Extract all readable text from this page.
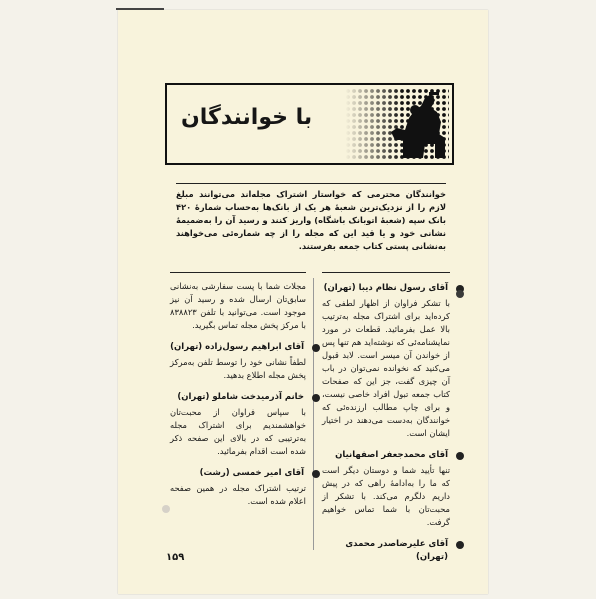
با خوانندگان

خوانندگان محترمی که خواستار اشتراک مجله‌اند می‌توانند مبلغ لازم را از نزدیک‌ترین شعبهٔ هر یک از بانک‌ها به‌حساب شمارهٔ ۴۲۰ بانک سپه (شعبهٔ اتوبانک باشگاه) واریز کنند و رسید آن را به‌ضمیمهٔ نشانی خود و یا قید این که مجله را از چه شماره‌ئی می‌خواهند به‌نشانی پستی کتاب جمعه بفرستند.

آقای رسول نظام دیبا (تهران)
با تشکر فراوان از اظهار لطفی که کرده‌اید برای اشتراک مجله به‌ترتیب بالا عمل بفرمائید. قطعات در مورد نمایشنامه‌ئی که نوشته‌اید هم تنها پس از خواندن آن میسر است. لابد قبول می‌کنید که نخوانده نمی‌توان در باب آن چیزی گفت، جز این که صفحات کتاب جمعه تبول افراد خاصی نیست، و برای چاپ مطالب ارزنده‌ئی که خوانندگان به‌دست می‌دهند در اختیار ایشان است.
آقای محمدجعفر اصفهانیان
تنها تأیید شما و دوستان دیگر است که ما را به‌ادامهٔ راهی که در پیش داریم دلگرم می‌کند. با تشکر از محبت‌تان با شما تماس خواهیم گرفت.
آقای علیرضاصدر محمدی (تهران)
مجلات شما با پست سفارشی به‌نشانی سابق‌تان ارسال شده و رسید آن نیز موجود است. می‌توانید با تلفن ۸۳۸۸۲۳ با مرکز پخش مجله تماس بگیرید.
آقای ابراهیم رسول‌زاده (تهران)
لطفاً نشانی خود را توسط تلفن به‌مرکز پخش مجله اطلاع بدهید.
خانم آذرمیدخت شاملو (تهران)
با سپاس فراوان از محبت‌تان خواهشمندیم برای اشتراک مجله به‌ترتیبی که در بالای این صفحه ذکر شده است اقدام بفرمائید.
آقای امیر خمسی (رشت)
ترتیب اشتراک مجله در همین صفحه اعلام شده است.
۱۵۹
